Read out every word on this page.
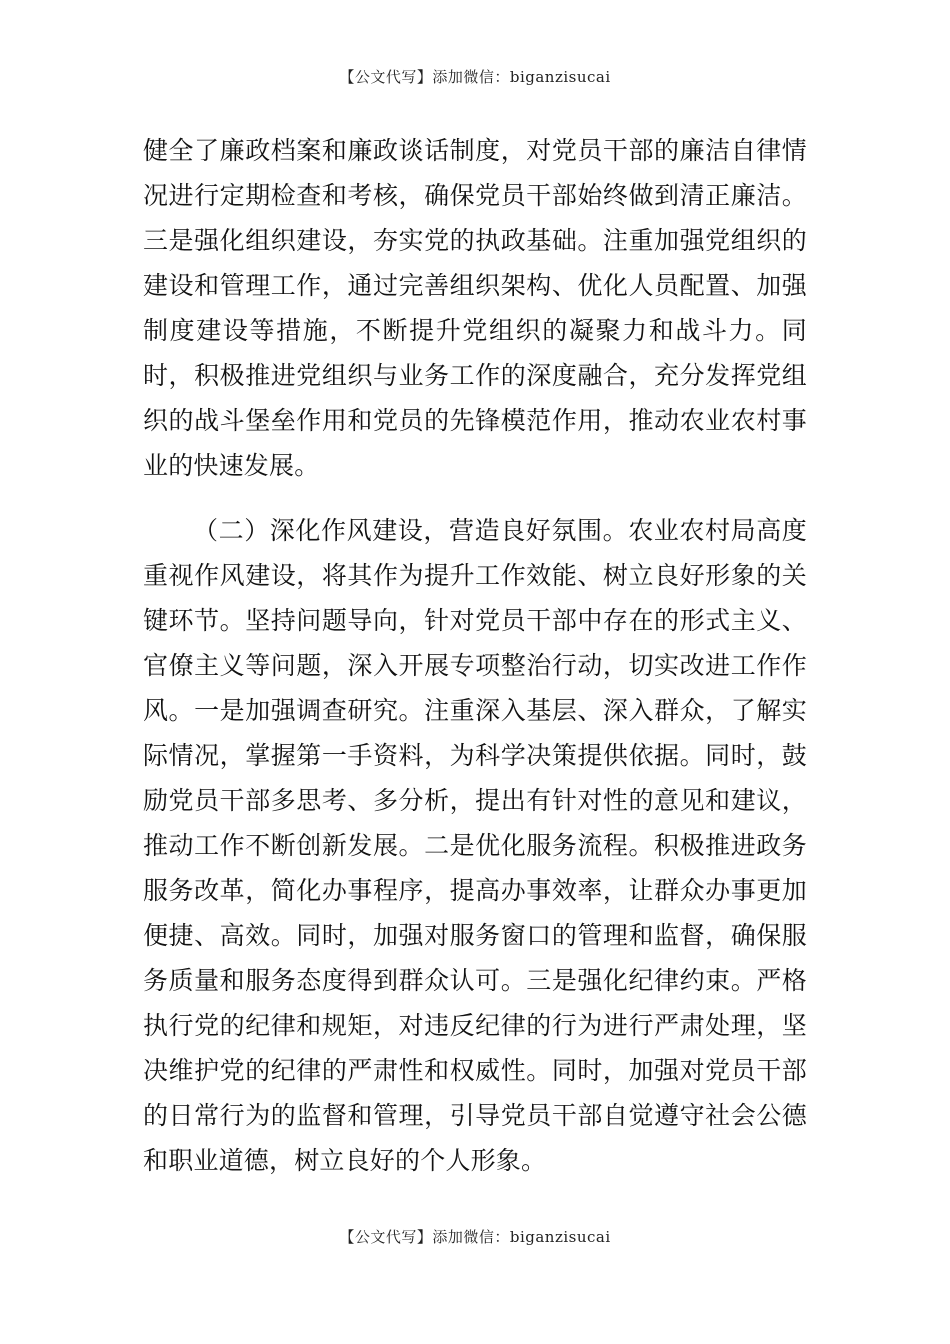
【公文代写】添加微信：biganzisucai

健全了廉政档案和廉政谈话制度，对党员干部的廉洁自律情况进行定期检查和考核，确保党员干部始终做到清正廉洁。三是强化组织建设，夯实党的执政基础。注重加强党组织的建设和管理工作，通过完善组织架构、优化人员配置、加强制度建设等措施，不断提升党组织的凝聚力和战斗力。同时，积极推进党组织与业务工作的深度融合，充分发挥党组织的战斗堡垒作用和党员的先锋模范作用，推动农业农村事业的快速发展。

（二）深化作风建设，营造良好氛围。农业农村局高度重视作风建设，将其作为提升工作效能、树立良好形象的关键环节。坚持问题导向，针对党员干部中存在的形式主义、官僚主义等问题，深入开展专项整治行动，切实改进工作作风。一是加强调查研究。注重深入基层、深入群众，了解实际情况，掌握第一手资料，为科学决策提供依据。同时，鼓励党员干部多思考、多分析，提出有针对性的意见和建议，推动工作不断创新发展。二是优化服务流程。积极推进政务服务改革，简化办事程序，提高办事效率，让群众办事更加便捷、高效。同时，加强对服务窗口的管理和监督，确保服务质量和服务态度得到群众认可。三是强化纪律约束。严格执行党的纪律和规矩，对违反纪律的行为进行严肃处理，坚决维护党的纪律的严肃性和权威性。同时，加强对党员干部的日常行为的监督和管理，引导党员干部自觉遵守社会公德和职业道德，树立良好的个人形象。

【公文代写】添加微信：biganzisucai
